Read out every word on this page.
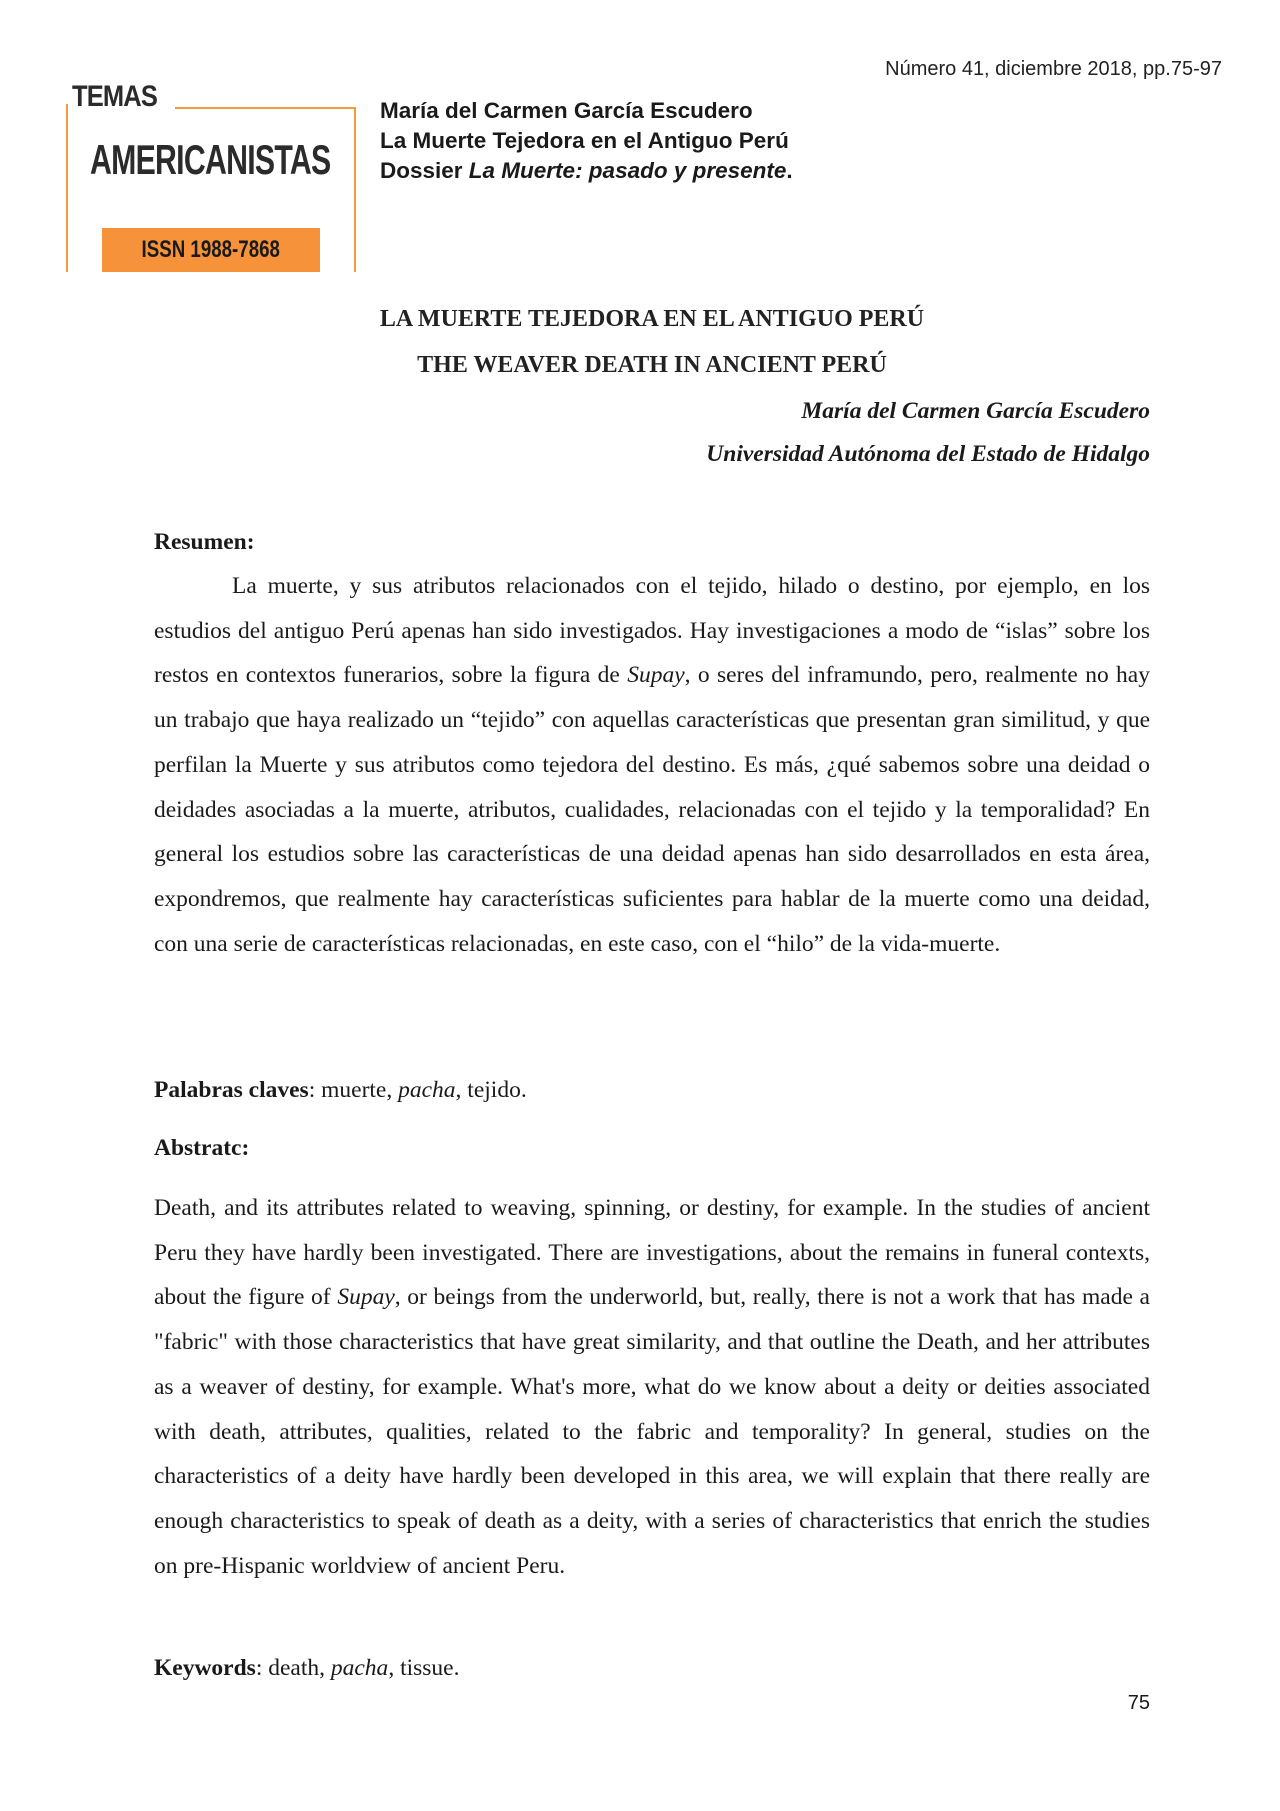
Número 41, diciembre 2018, pp.75-97
TEMAS
AMERICANISTAS
ISSN 1988-7868
María del Carmen García Escudero
La Muerte Tejedora en el Antiguo Perú
Dossier La Muerte: pasado y presente.
LA MUERTE TEJEDORA EN EL ANTIGUO PERÚ
THE WEAVER DEATH IN ANCIENT PERÚ
María del Carmen García Escudero
Universidad Autónoma del Estado de Hidalgo
Resumen:

La muerte, y sus atributos relacionados con el tejido, hilado o destino, por ejemplo, en los estudios del antiguo Perú apenas han sido investigados. Hay investigaciones a modo de “islas” sobre los restos en contextos funerarios, sobre la figura de Supay, o seres del inframundo, pero, realmente no hay un trabajo que haya realizado un “tejido” con aquellas características que presentan gran similitud, y que perfilan la Muerte y sus atributos como tejedora del destino. Es más, ¿qué sabemos sobre una deidad o deidades asociadas a la muerte, atributos, cualidades, relacionadas con el tejido y la temporalidad? En general los estudios sobre las características de una deidad apenas han sido desarrollados en esta área, expondremos, que realmente hay características suficientes para hablar de la muerte como una deidad, con una serie de características relacionadas, en este caso, con el “hilo” de la vida-muerte.

Palabras claves: muerte, pacha, tejido.
Abstratc:

Death, and its attributes related to weaving, spinning, or destiny, for example. In the studies of ancient Peru they have hardly been investigated. There are investigations, about the remains in funeral contexts, about the figure of Supay, or beings from the underworld, but, really, there is not a work that has made a "fabric" with those characteristics that have great similarity, and that outline the Death, and her attributes as a weaver of destiny, for example. What's more, what do we know about a deity or deities associated with death, attributes, qualities, related to the fabric and temporality? In general, studies on the characteristics of a deity have hardly been developed in this area, we will explain that there really are enough characteristics to speak of death as a deity, with a series of characteristics that enrich the studies on pre-Hispanic worldview of ancient Peru.

Keywords: death, pacha, tissue.
75
